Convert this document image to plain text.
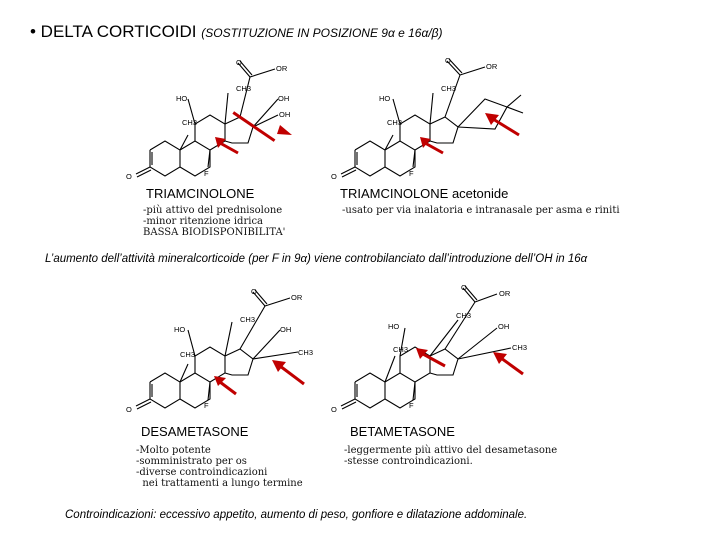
• DELTA CORTICOIDI (SOSTITUZIONE IN POSIZIONE 9α e 16α/β)
O
OR
CH3
HO	OH
OH
CH3
F
O
TRIAMCINOLONE
-più attivo del prednisolone
-minor ritenzione idrica
BASSA BIODISPONIBILITA'
O
OR
CH3
HO
CH3
F
O
TRIAMCINOLONE acetonide
-usato per via inalatoria e intranasale per asma e riniti
L’aumento dell’attività mineralcorticoide (per F in 9α) viene controbilanciato dall’introduzione dell’OH in 16α
O
OR
CH3
HO	OH
CH3
CH3
F
O
DESAMETASONE
-Molto potente
-somministrato per os
-diverse controindicazioni
nei trattamenti a lungo termine
O
OR
CH3
HO	OH
CH3
CH3
F
O
BETAMETASONE
-leggermente più attivo del desametasone
-stesse controindicazioni.
Controindicazioni: eccessivo appetito, aumento di peso, gonfiore e dilatazione addominale.
